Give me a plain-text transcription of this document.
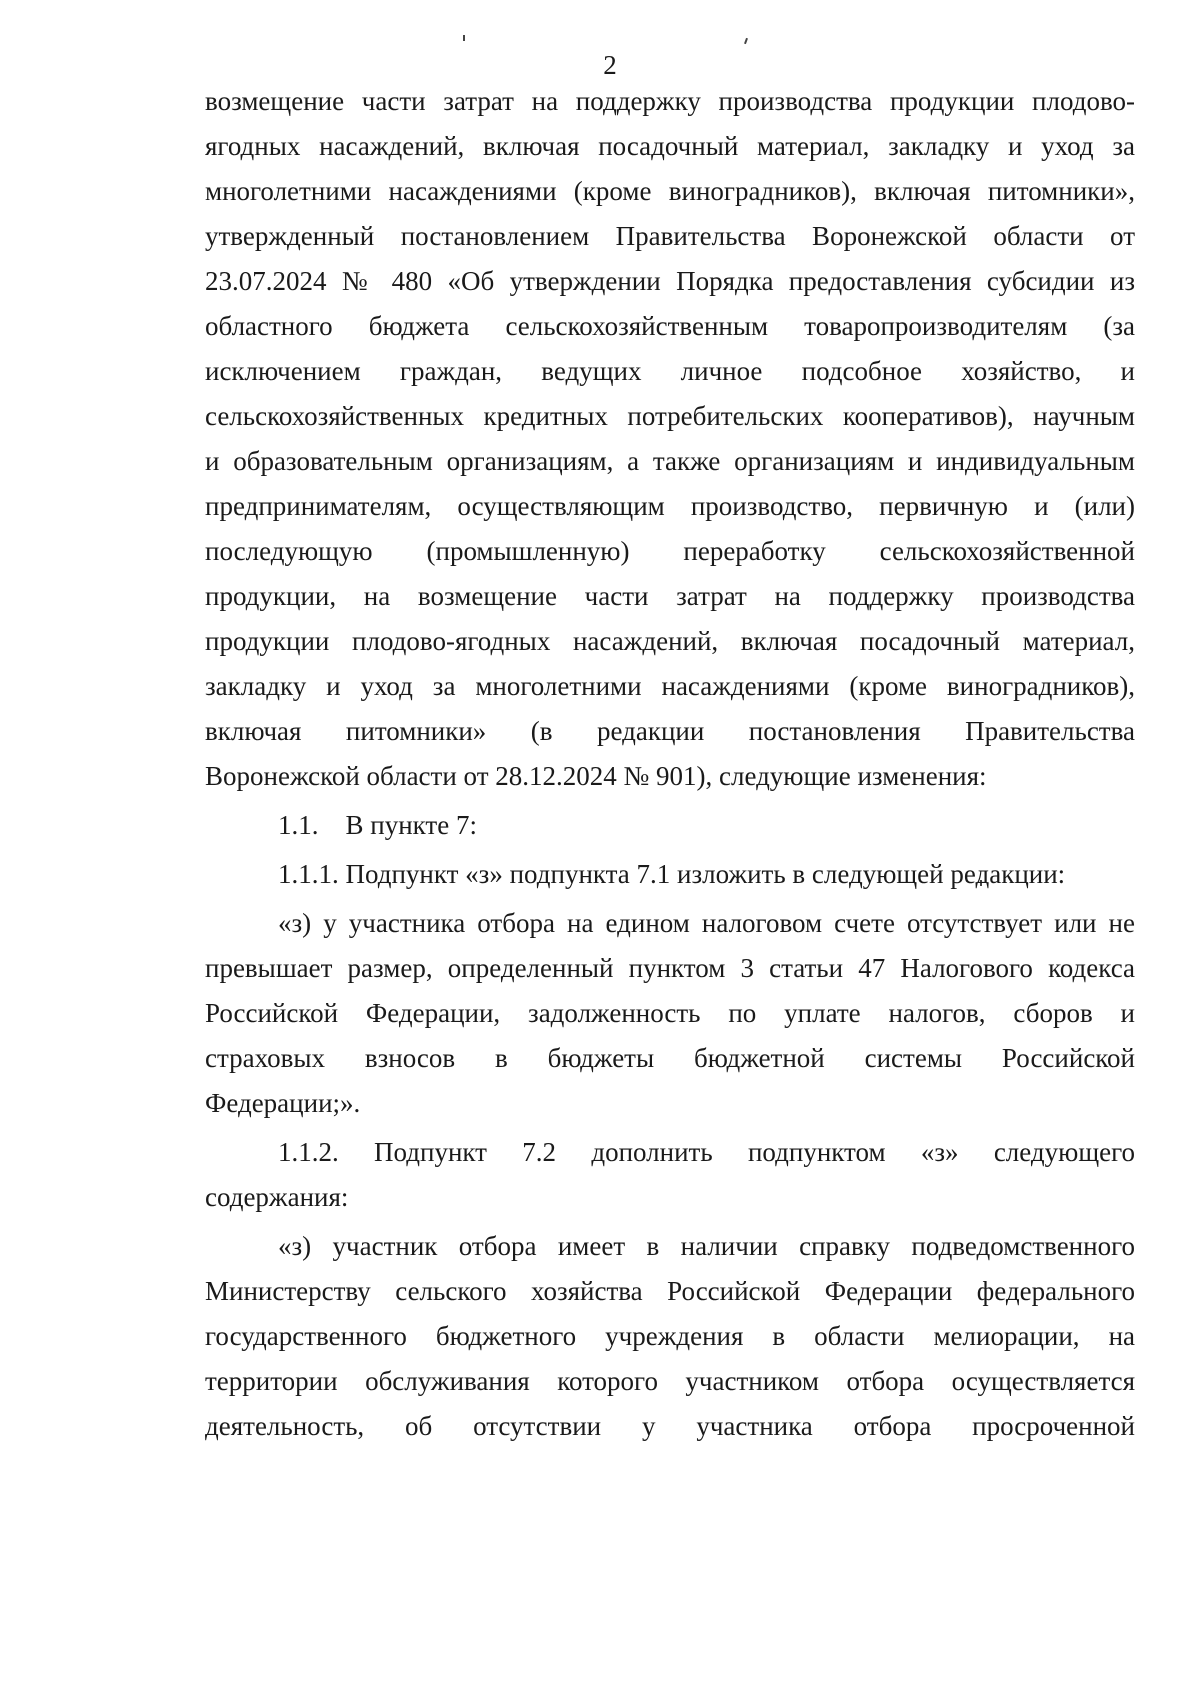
2
возмещение части затрат на поддержку производства продукции плодово-
ягодных насаждений, включая посадочный материал, закладку и уход за
многолетними насаждениями (кроме виноградников), включая питомники»,
утвержденный постановлением Правительства Воронежской области от
23.07.2024 № 480 «Об утверждении Порядка предоставления субсидии из
областного бюджета сельскохозяйственным товаропроизводителям (за
исключением граждан, ведущих личное подсобное хозяйство, и
сельскохозяйственных кредитных потребительских кооперативов), научным
и образовательным организациям, а также организациям и индивидуальным
предпринимателям, осуществляющим производство, первичную и (или)
последующую (промышленную) переработку сельскохозяйственной
продукции, на возмещение части затрат на поддержку производства
продукции плодово-ягодных насаждений, включая посадочный материал,
закладку и уход за многолетними насаждениями (кроме виноградников),
включая питомники» (в редакции постановления Правительства
Воронежской области от 28.12.2024 № 901), следующие изменения:
1.1.    В пункте 7:
1.1.1. Подпункт «з» подпункта 7.1 изложить в следующей редакции:
«з) у участника отбора на едином налоговом счете отсутствует или не
превышает размер, определенный пунктом 3 статьи 47 Налогового кодекса
Российской Федерации, задолженность по уплате налогов, сборов и
страховых взносов в бюджеты бюджетной системы Российской
Федерации;».
1.1.2. Подпункт 7.2 дополнить подпунктом «з» следующего
содержания:
«з) участник отбора имеет в наличии справку подведомственного
Министерству сельского хозяйства Российской Федерации федерального
государственного бюджетного учреждения в области мелиорации, на
территории обслуживания которого участником отбора осуществляется
деятельность, об отсутствии у участника отбора просроченной
